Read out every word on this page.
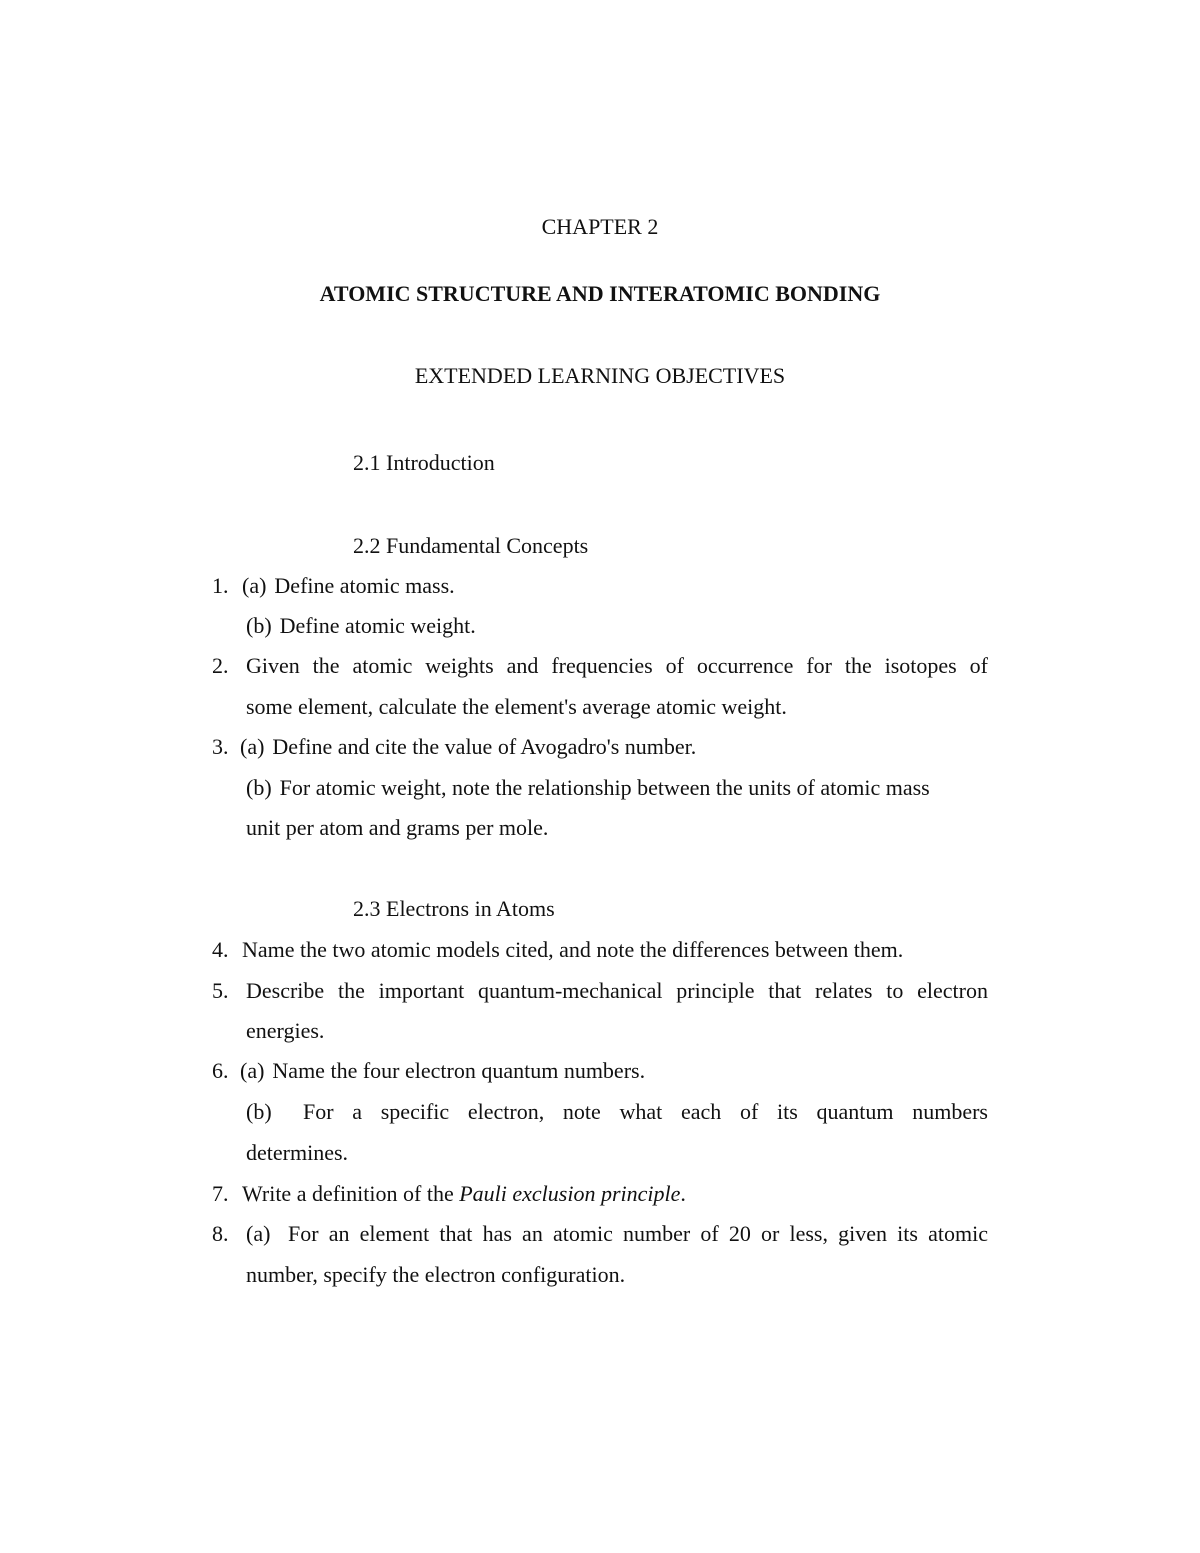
CHAPTER 2
ATOMIC STRUCTURE AND INTERATOMIC BONDING
EXTENDED LEARNING OBJECTIVES
2.1 Introduction
2.2 Fundamental Concepts
1. (a) Define atomic mass.
(b) Define atomic weight.
2. Given the atomic weights and frequencies of occurrence for the isotopes of
some element, calculate the element's average atomic weight.
3. (a) Define and cite the value of Avogadro's number.
(b) For atomic weight, note the relationship between the units of atomic mass
unit per atom and grams per mole.
2.3 Electrons in Atoms
4. Name the two atomic models cited, and note the differences between them.
5. Describe the important quantum-mechanical principle that relates to electron
energies.
6. (a) Name the four electron quantum numbers.
(b) For a specific electron, note what each of its quantum numbers
determines.
7. Write a definition of the Pauli exclusion principle.
8. (a) For an element that has an atomic number of 20 or less, given its atomic
number, specify the electron configuration.
